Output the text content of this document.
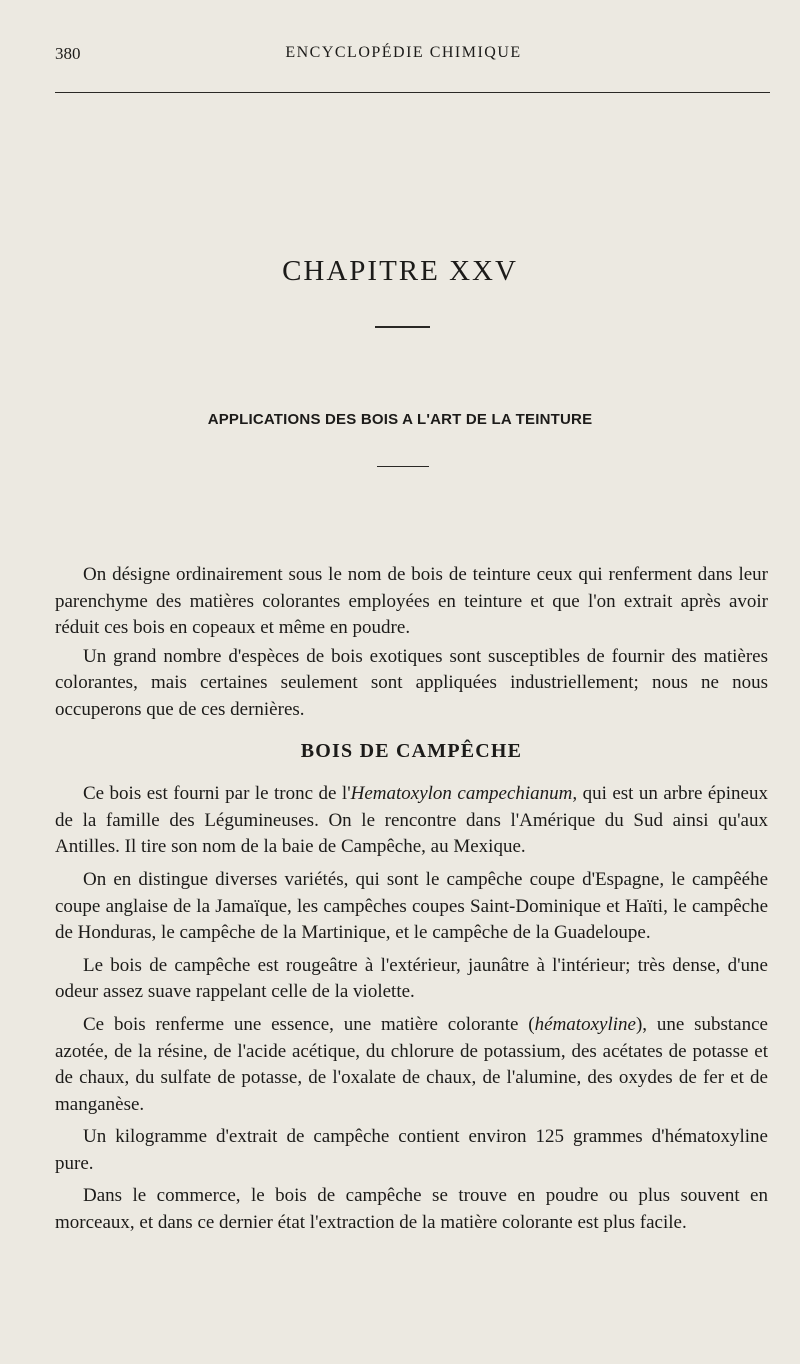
380	ENCYCLOPÉDIE CHIMIQUE
CHAPITRE XXV
APPLICATIONS DES BOIS A L'ART DE LA TEINTURE

On désigne ordinairement sous le nom de bois de teinture ceux qui renferment dans leur parenchyme des matières colorantes employées en teinture et que l'on extrait après avoir réduit ces bois en copeaux et même en poudre.

Un grand nombre d'espèces de bois exotiques sont susceptibles de fournir des matières colorantes, mais certaines seulement sont appliquées industriellement; nous ne nous occuperons que de ces dernières.

BOIS DE CAMPÊCHE

Ce bois est fourni par le tronc de l'Hematoxylon campechianum, qui est un arbre épineux de la famille des Légumineuses. On le rencontre dans l'Amérique du Sud ainsi qu'aux Antilles. Il tire son nom de la baie de Campêche, au Mexique.

On en distingue diverses variétés, qui sont le campêche coupe d'Espagne, le campêéhe coupe anglaise de la Jamaïque, les campêches coupes Saint-Dominique et Haïti, le campêche de Honduras, le campêche de la Martinique, et le campêche de la Guadeloupe.

Le bois de campêche est rougeâtre à l'extérieur, jaunâtre à l'intérieur; très dense, d'une odeur assez suave rappelant celle de la violette.

Ce bois renferme une essence, une matière colorante (hématoxyline), une substance azotée, de la résine, de l'acide acétique, du chlorure de potassium, des acétates de potasse et de chaux, du sulfate de potasse, de l'oxalate de chaux, de l'alumine, des oxydes de fer et de manganèse.

Un kilogramme d'extrait de campêche contient environ 125 grammes d'hématoxyline pure.

Dans le commerce, le bois de campêche se trouve en poudre ou plus souvent en morceaux, et dans ce dernier état l'extraction de la matière colorante est plus facile.
